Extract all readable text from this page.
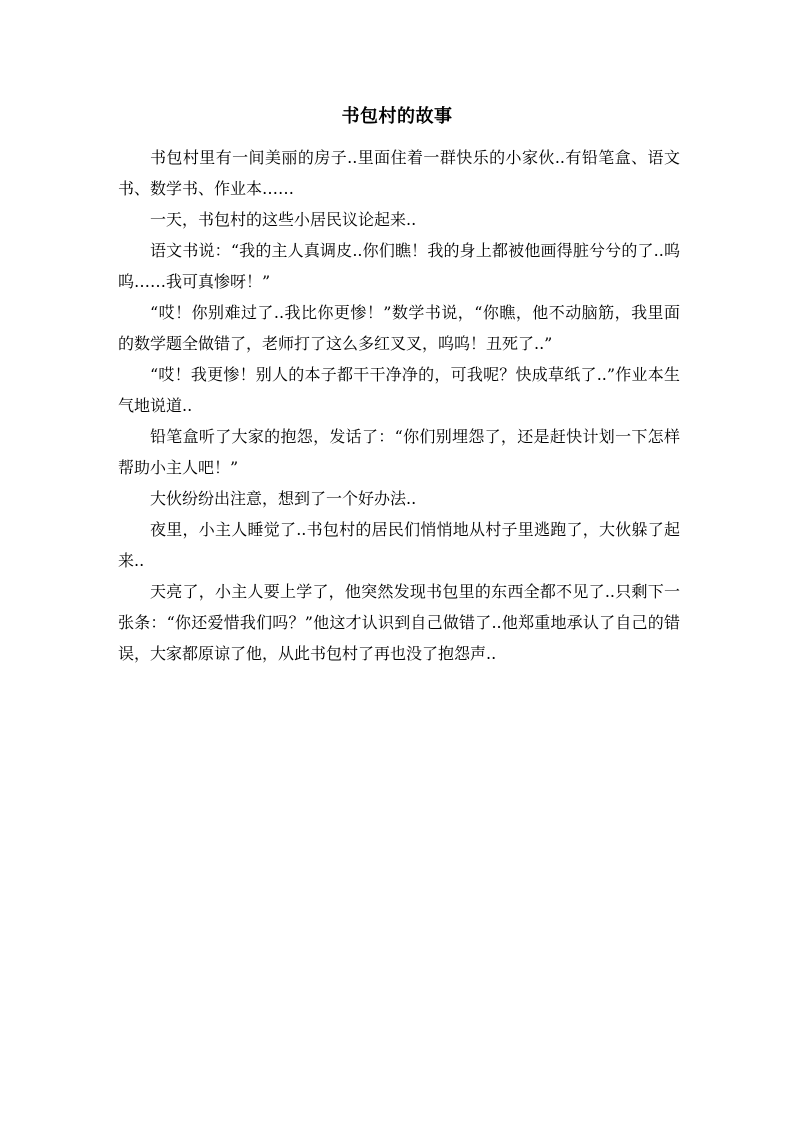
书包村的故事

书包村里有一间美丽的房子..里面住着一群快乐的小家伙..有铅笔盒、语文书、数学书、作业本……

一天，书包村的这些小居民议论起来..

语文书说：“我的主人真调皮..你们瞧！我的身上都被他画得脏兮兮的了..呜呜……我可真惨呀！”

“哎！你别难过了..我比你更惨！”数学书说，“你瞧，他不动脑筋，我里面的数学题全做错了，老师打了这么多红叉叉，呜呜！丑死了..”

“哎！我更惨！别人的本子都干干净净的，可我呢？快成草纸了..”作业本生气地说道..

铅笔盒听了大家的抱怨，发话了：“你们别埋怨了，还是赶快计划一下怎样帮助小主人吧！”

大伙纷纷出注意，想到了一个好办法..

夜里，小主人睡觉了..书包村的居民们悄悄地从村子里逃跑了，大伙躲了起来..

天亮了，小主人要上学了，他突然发现书包里的东西全都不见了..只剩下一张条：“你还爱惜我们吗？”他这才认识到自己做错了..他郑重地承认了自己的错误，大家都原谅了他，从此书包村了再也没了抱怨声..
